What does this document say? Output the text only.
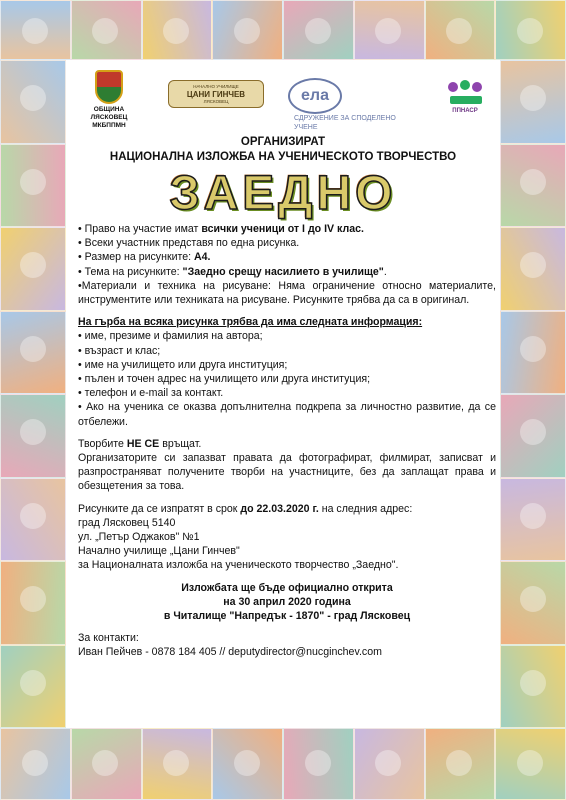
ОБЩИНА ЛЯСКОВЕЦ МКБППМН
НАЧАЛНО УЧИЛИЩЕ
ЦАНИ ГИНЧЕВ
ЛЯСКОВЕЦ	елаСДРУЖЕНИЕ ЗА СПОДЕЛЕНО УЧЕНЕ
ППНАСР
ОРГАНИЗИРАТ
НАЦИОНАЛНА ИЗЛОЖБА НА УЧЕНИЧЕСКОТО ТВОРЧЕСТВО
ЗАЕДНО

• Право на участие имат всички ученици от I до IV клас.

• Всеки участник представя по една рисунка.

• Размер на рисунките: А4.

• Тема на рисунките: "Заедно срещу насилието в училище".

•Материали и техника на рисуване: Няма ограничение относно материалите, инструментите или техниката на рисуване. Рисунките трябва да са в оригинал.

На гърба на всяка рисунка трябва да има следната информация:

• име, презиме и фамилия на автора;

• възраст и клас;

• име на училището или друга институция;

• пълен и точен адрес на училището или друга институция;

• телефон и e-mail за контакт.

• Ако на ученика се оказва допълнителна подкрепа за личностно развитие, да се отбележи.

Творбите НЕ СЕ връщат.

Организаторите си запазват правата да фотографират, филмират, записват и разпространяват получените творби на участниците, без да заплащат права и обезщетения за това.

Рисунките да се изпратят в срок до 22.03.2020 г. на следния адрес:

град Лясковец 5140

ул. „Петър Оджаков" №1

Начално училище „Цани Гинчев"

за Националната изложба на ученическото творчество „Заедно".

Изложбата ще бъде официално открита

на 30 април 2020 година

в Читалище "Напредък - 1870" - град Лясковец

За контакти:

Иван Пейчев - 0878 184 405 // deputydirector@nucginchev.com
